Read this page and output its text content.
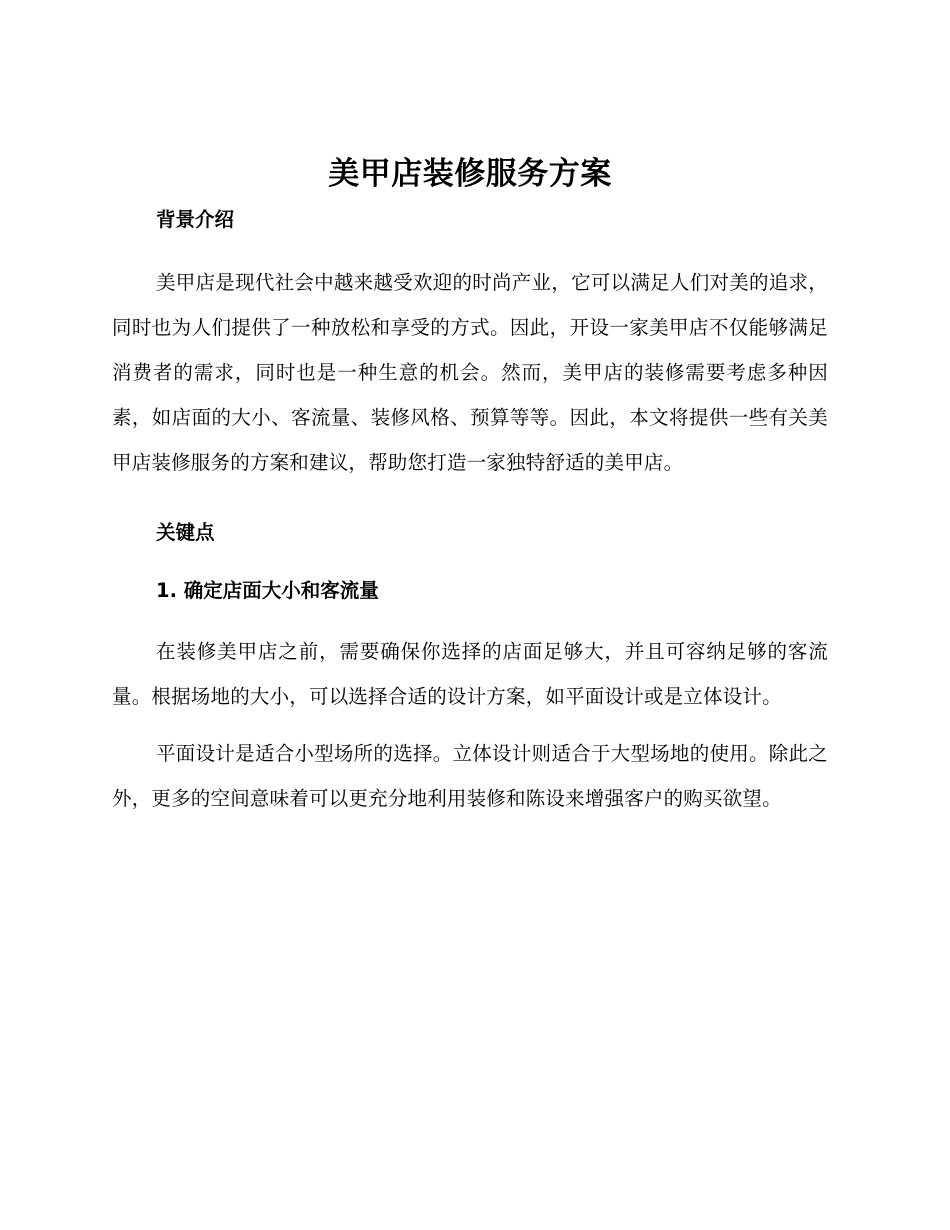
美甲店装修服务方案
背景介绍

美甲店是现代社会中越来越受欢迎的时尚产业，它可以满足人们对美的追求，同时也为人们提供了一种放松和享受的方式。因此，开设一家美甲店不仅能够满足消费者的需求，同时也是一种生意的机会。然而，美甲店的装修需要考虑多种因素，如店面的大小、客流量、装修风格、预算等等。因此，本文将提供一些有关美甲店装修服务的方案和建议，帮助您打造一家独特舒适的美甲店。

关键点
1. 确定店面大小和客流量

在装修美甲店之前，需要确保你选择的店面足够大，并且可容纳足够的客流量。根据场地的大小，可以选择合适的设计方案，如平面设计或是立体设计。

平面设计是适合小型场所的选择。立体设计则适合于大型场地的使用。除此之外，更多的空间意味着可以更充分地利用装修和陈设来增强客户的购买欲望。
